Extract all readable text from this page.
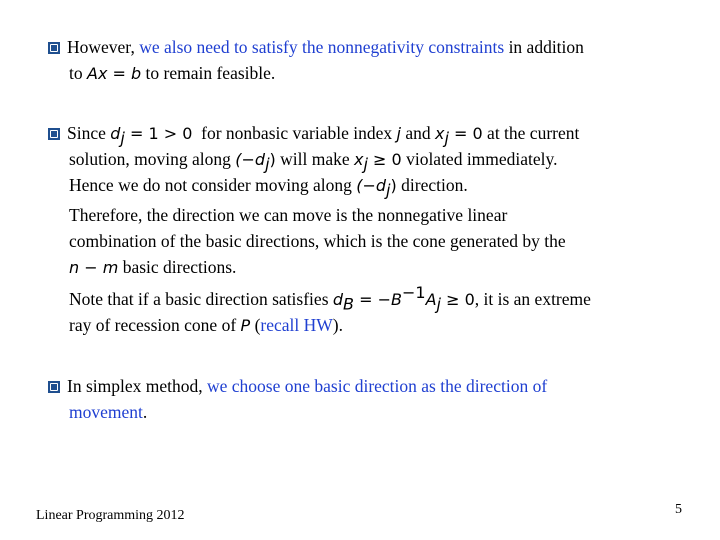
However, we also need to satisfy the nonnegativity constraints in addition
to Ax = b to remain feasible.
Since $d_j = 1 > 0$  for nonbasic variable index j and $x_j = 0$ at the current
solution, moving along $(-d_j)$ will make $x_j \ge 0$ violated immediately.
Hence we do not consider moving along $(-d_j)$ direction.
Therefore, the direction we can move is the nonnegative linear
combination of the basic directions, which is the cone generated by the
n − m basic directions.
Note that if a basic direction satisfies $d_B = -B^{-1}A_j \ge 0$, it is an extreme
ray of recession cone of P (recall HW).
In simplex method, we choose one basic direction as the direction of
movement.
Linear Programming 2012	5
